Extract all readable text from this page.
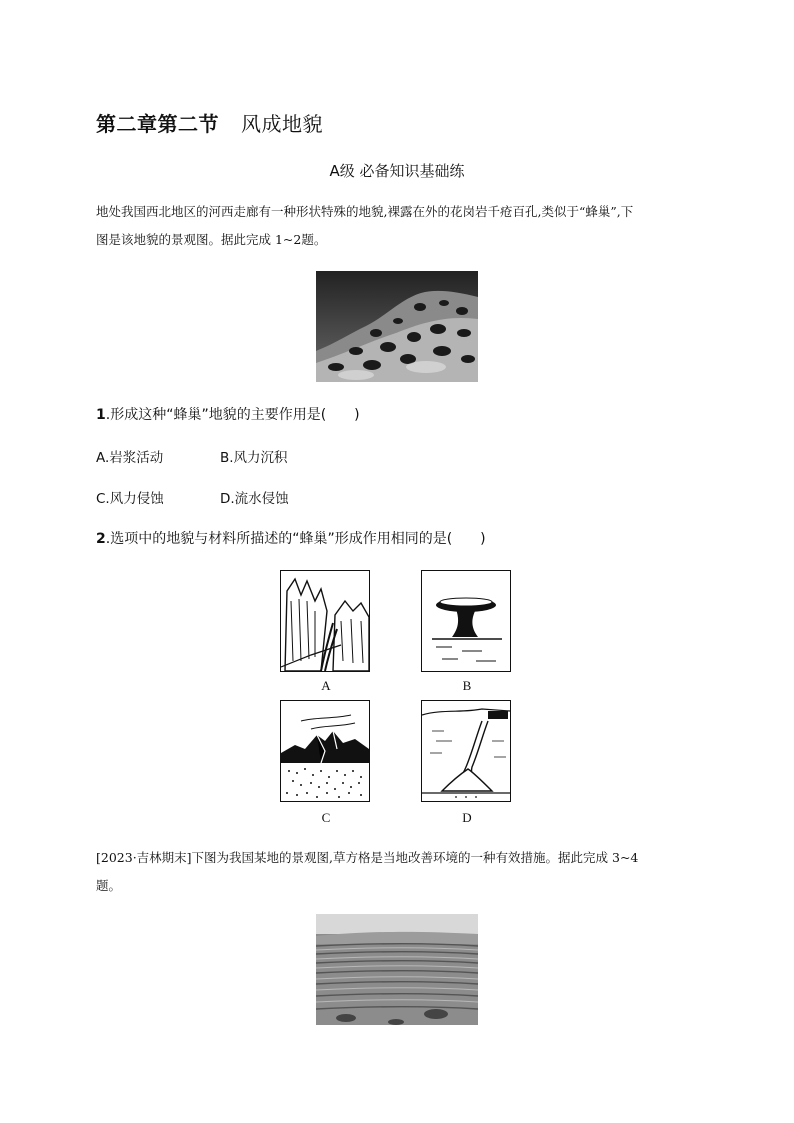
第二章第二节 风成地貌
A级 必备知识基础练
地处我国西北地区的河西走廊有一种形状特殊的地貌,裸露在外的花岗岩千疮百孔,类似于“蜂巢”,下
图是该地貌的景观图。据此完成 1~2题。
1.形成这种“蜂巢”地貌的主要作用是(　　)
A.岩浆活动	B.风力沉积
C.风力侵蚀	D.流水侵蚀
2.选项中的地貌与材料所描述的“蜂巢”形成作用相同的是(　　)
A	B
C	D
[2023·吉林期末]下图为我国某地的景观图,草方格是当地改善环境的一种有效措施。据此完成 3~4
题。
